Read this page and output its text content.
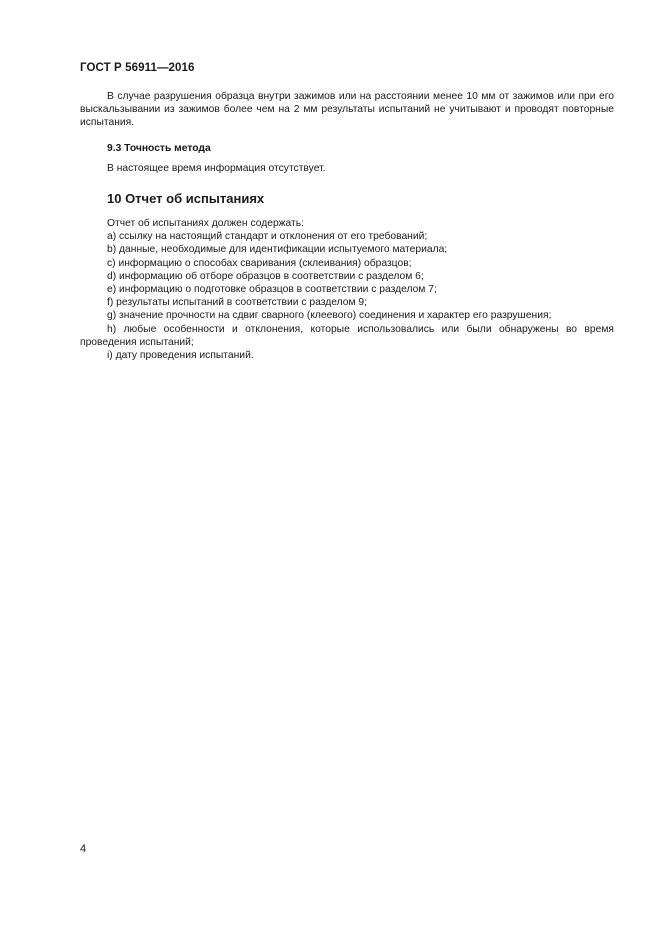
ГОСТ Р 56911—2016

В случае разрушения образца внутри зажимов или на расстоянии менее 10 мм от зажимов или при его выскальзывании из зажимов более чем на 2 мм результаты испытаний не учитывают и проводят повторные испытания.

9.3 Точность метода

В настоящее время информация отсутствует.

10 Отчет об испытаниях

Отчет об испытаниях должен содержать:

a) ссылку на настоящий стандарт и отклонения от его требований;
b) данные, необходимые для идентификации испытуемого материала;
c) информацию о способах сваривания (склеивания) образцов;
d) информацию об отборе образцов в соответствии с разделом 6;
e) информацию о подготовке образцов в соответствии с разделом 7;
f) результаты испытаний в соответствии с разделом 9;
g) значение прочности на сдвиг сварного (клеевого) соединения и характер его разрушения;
h) любые особенности и отклонения, которые использовались или были обнаружены во время проведения испытаний;
i) дату проведения испытаний.
4
